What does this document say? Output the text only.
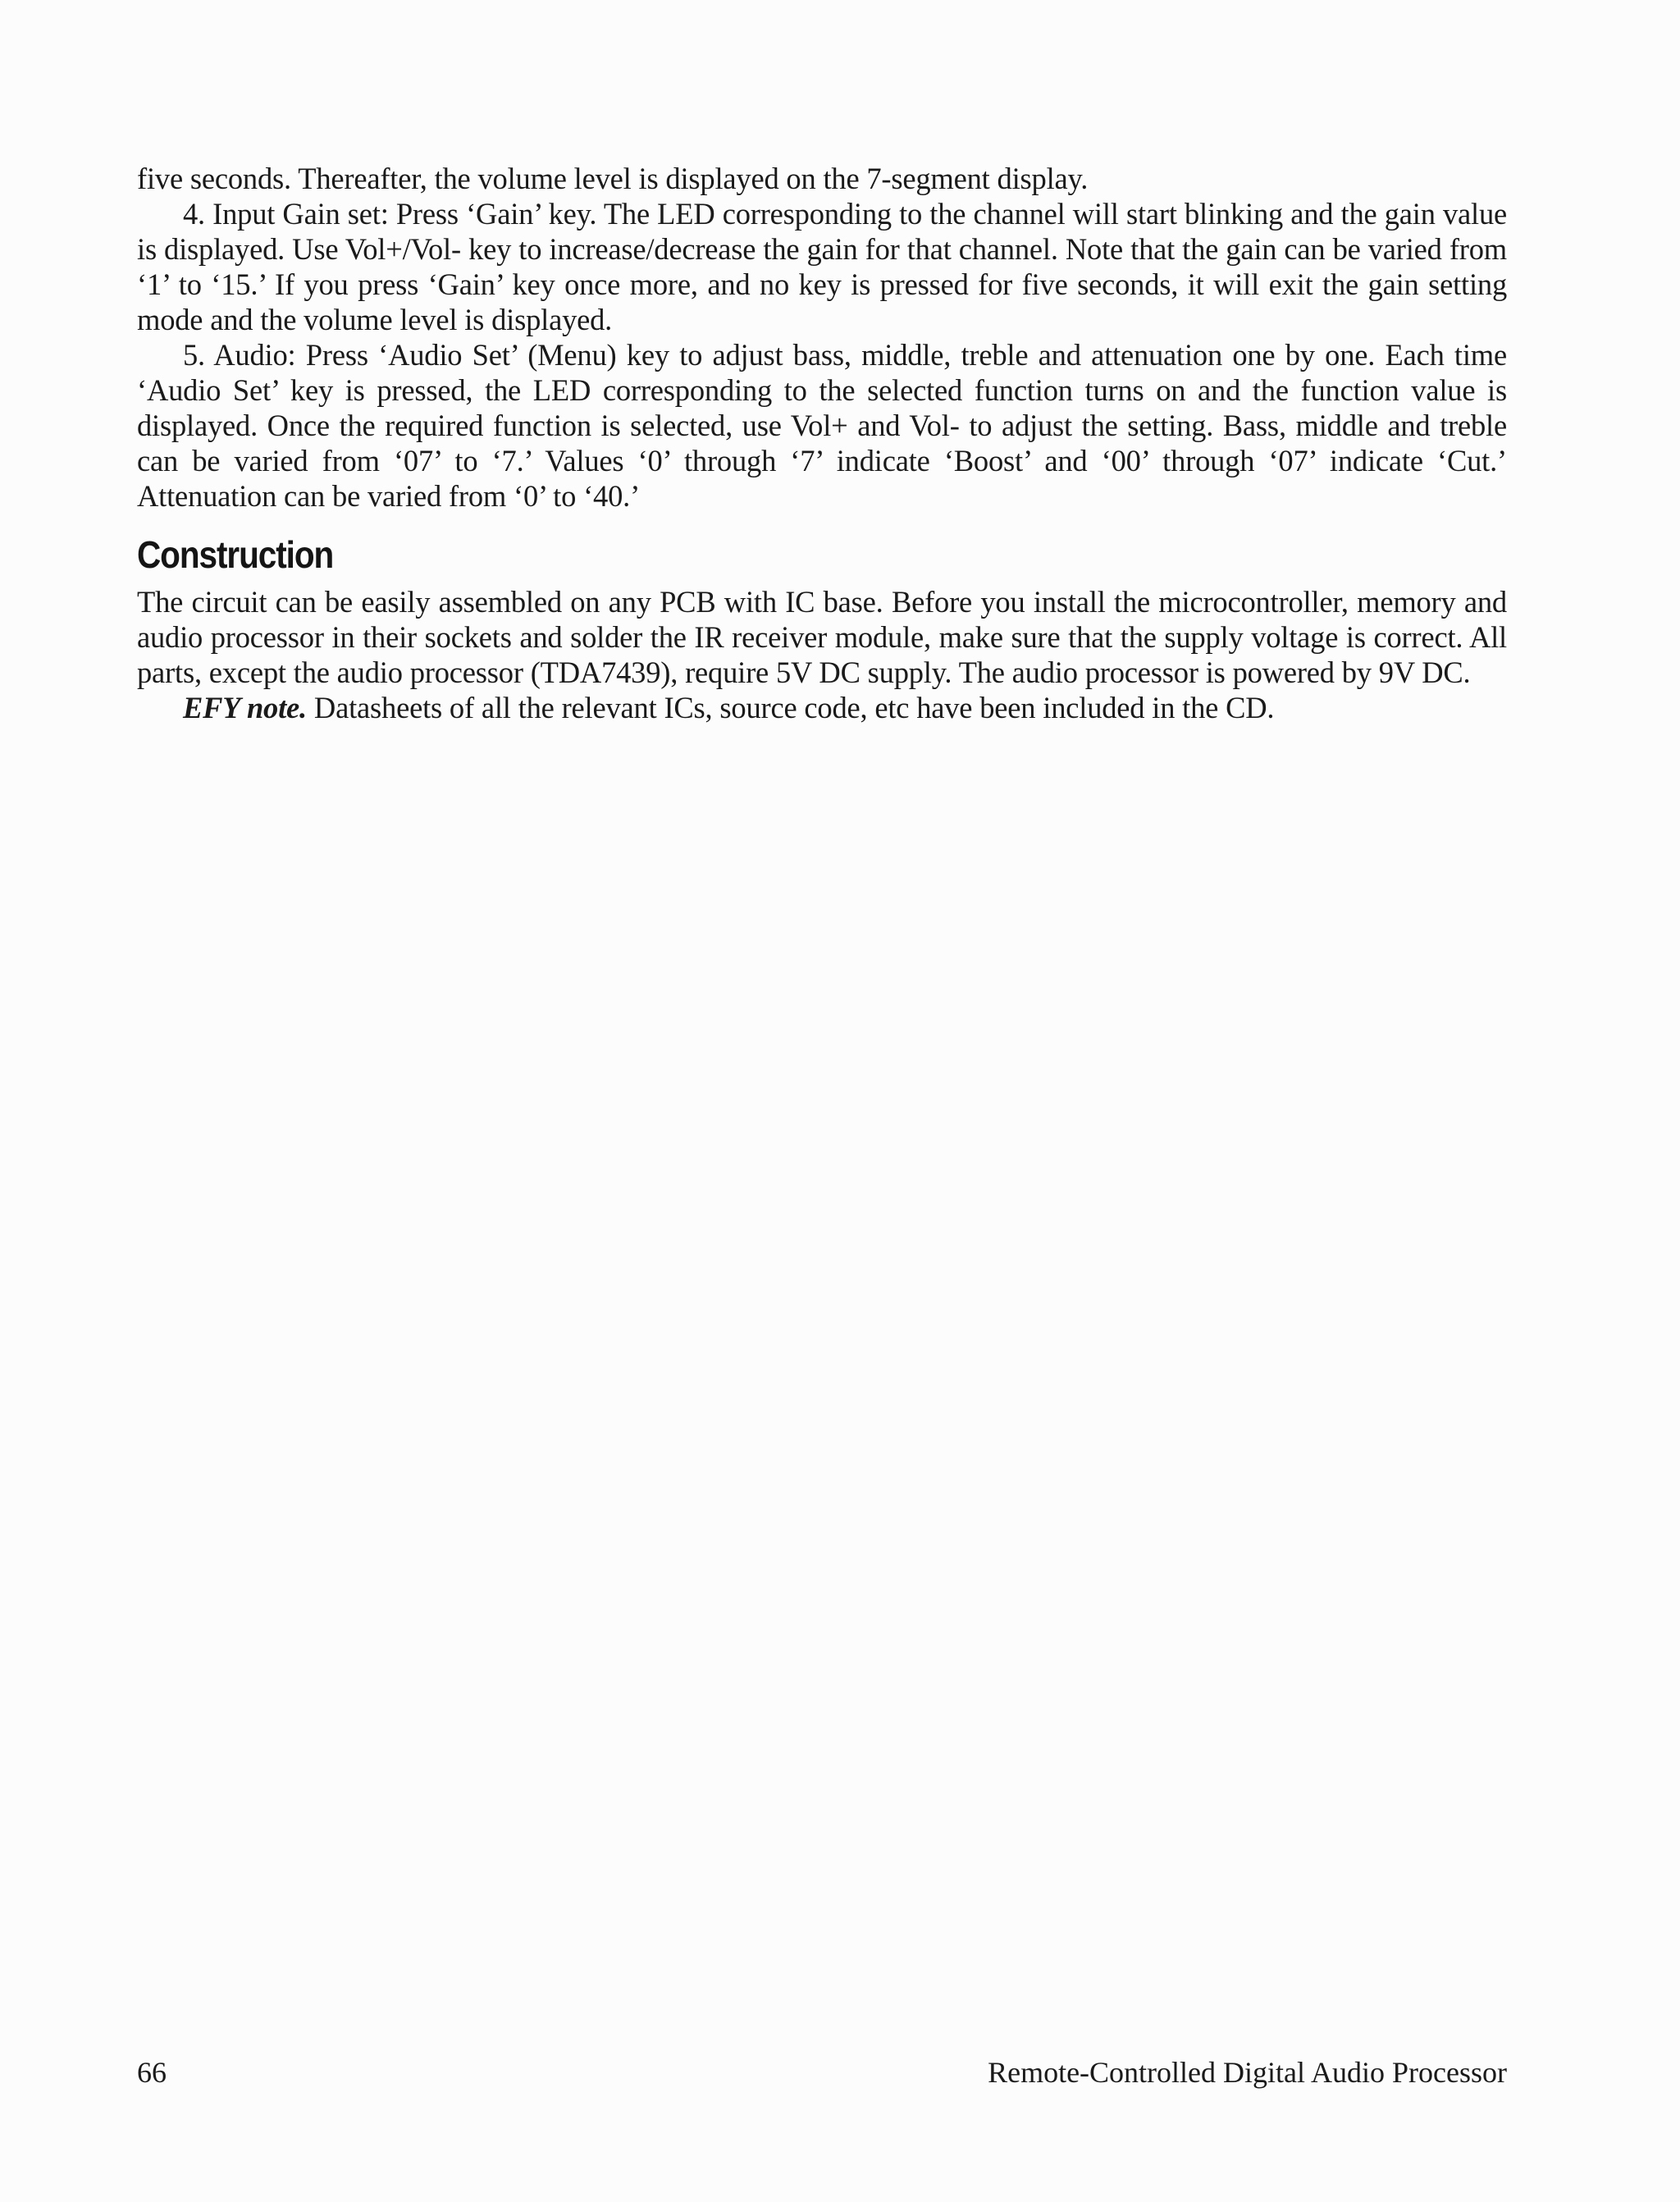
five seconds. Thereafter, the volume level is displayed on the 7-segment display.

4. Input Gain set: Press ‘Gain’ key. The LED corresponding to the channel will start blinking and the gain value is displayed. Use Vol+/Vol- key to increase/decrease the gain for that channel. Note that the gain can be varied from ‘1’ to ‘15.’ If you press ‘Gain’ key once more, and no key is pressed for five seconds, it will exit the gain setting mode and the volume level is displayed.

5. Audio: Press ‘Audio Set’ (Menu) key to adjust bass, middle, treble and attenuation one by one. Each time ‘Audio Set’ key is pressed, the LED corresponding to the selected function turns on and the function value is displayed. Once the required function is selected, use Vol+ and Vol- to adjust the setting. Bass, middle and treble can be varied from ‘07’ to ‘7.’ Values ‘0’ through ‘7’ indicate ‘Boost’ and ‘00’ through ‘07’ indicate ‘Cut.’ Attenuation can be varied from ‘0’ to ‘40.’

Construction

The circuit can be easily assembled on any PCB with IC base. Before you install the microcontroller, memory and audio processor in their sockets and solder the IR receiver module, make sure that the supply voltage is correct. All parts, except the audio processor (TDA7439), require 5V DC supply. The audio processor is powered by 9V DC.

EFY note. Datasheets of all the relevant ICs, source code, etc have been included in the CD.

66	Remote-Controlled Digital Audio Processor
